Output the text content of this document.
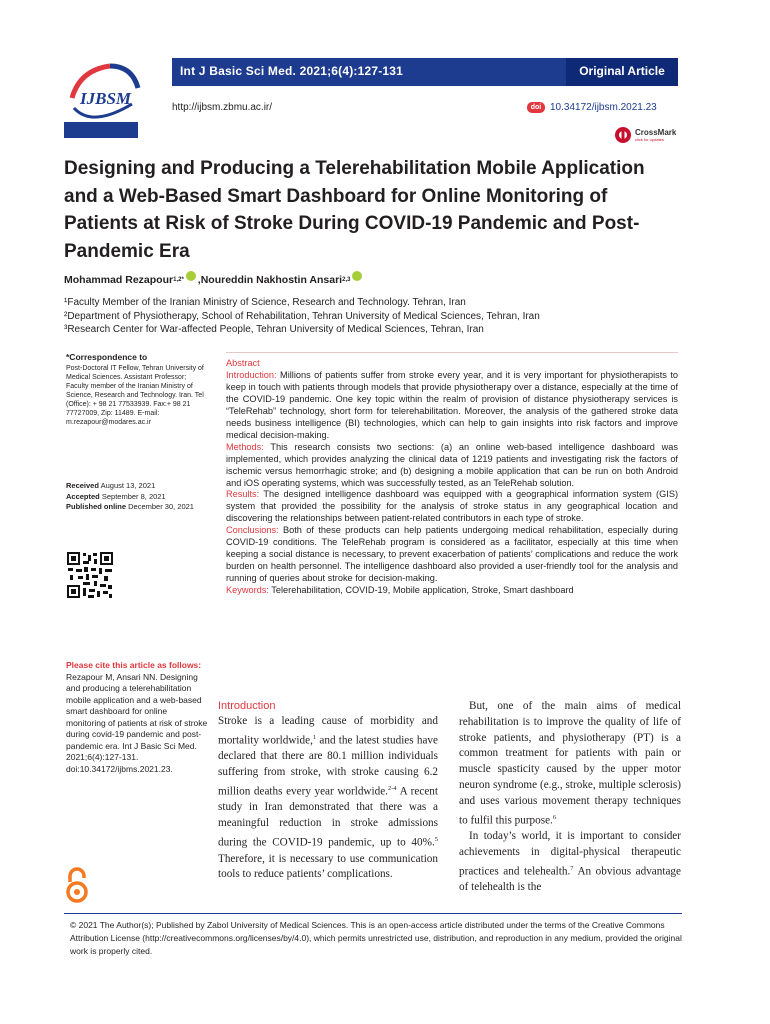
IJBSM
Int J Basic Sci Med. 2021;6(4):127-131	Original Article
http://ijbsm.zbmu.ac.ir/	doi 10.34172/ijbsm.2021.23
CrossMark
click for updates
Designing and Producing a Telerehabilitation Mobile Application and a Web-Based Smart Dashboard for Online Monitoring of Patients at Risk of Stroke During COVID-19 Pandemic and Post-Pandemic Era
Mohammad Rezapour 1,2* , Noureddin Nakhostin Ansari 2,3
¹Faculty Member of the Iranian Ministry of Science, Research and Technology. Tehran, Iran
²Department of Physiotherapy, School of Rehabilitation, Tehran University of Medical Sciences, Tehran, Iran
³Research Center for War-affected People, Tehran University of Medical Sciences, Tehran, Iran
*Correspondence to
Post-Doctoral IT Fellow, Tehran University of Medical Sciences. Assistant Professor; Faculty member of the Iranian Ministry of Science, Research and Technology. Iran. Tel (Office): + 98 21 77533939. Fax:+ 98 21 77727009, Zip: 11489. E-mail: m.rezapour@modares.ac.ir
Received August 13, 2021
Accepted September 8, 2021
Published online December 30, 2021
Please cite this article as follows: Rezapour M, Ansari NN. Designing and producing a telerehabilitation mobile application and a web-based smart dashboard for online monitoring of patients at risk of stroke during covid-19 pandemic and post-pandemic era. Int J Basic Sci Med. 2021;6(4):127-131. doi:10.34172/ijbms.2021.23.
Abstract
Introduction: Millions of patients suffer from stroke every year, and it is very important for physiotherapists to keep in touch with patients through models that provide physiotherapy over a distance, especially at the time of the COVID-19 pandemic. One key topic within the realm of provision of distance physiotherapy services is “TeleRehab” technology, short form for telerehabilitation. Moreover, the analysis of the gathered stroke data needs business intelligence (BI) technologies, which can help to gain insights into risk factors and improve medical decision-making.
Methods: This research consists two sections: (a) an online web-based intelligence dashboard was implemented, which provides analyzing the clinical data of 1219 patients and investigating risk the factors of ischemic versus hemorrhagic stroke; and (b) designing a mobile application that can be run on both Android and iOS operating systems, which was successfully tested, as an TeleRehab solution.
Results: The designed intelligence dashboard was equipped with a geographical information system (GIS) system that provided the possibility for the analysis of stroke status in any geographical location and discovering the relationships between patient-related contributors in each type of stroke.
Conclusions: Both of these products can help patients undergoing medical rehabilitation, especially during COVID-19 conditions. The TeleRehab program is considered as a facilitator, especially at this time when keeping a social distance is necessary, to prevent exacerbation of patients’ complications and reduce the work burden on health personnel. The intelligence dashboard also provided a user-friendly tool for the analysis and running of queries about stroke for decision-making.
Keywords: Telerehabilitation, COVID-19, Mobile application, Stroke, Smart dashboard
Introduction
Stroke is a leading cause of morbidity and mortality worldwide,$^1$ and the latest studies have declared that there are 80.1 million individuals suffering from stroke, with stroke causing 6.2 million deaths every year worldwide.$^{2-4}$ A recent study in Iran demonstrated that there was a meaningful reduction in stroke admissions during the COVID-19 pandemic, up to 40%.$^5$ Therefore, it is necessary to use communication tools to reduce patients’ complications.

But, one of the main aims of medical rehabilitation is to improve the quality of life of stroke patients, and physiotherapy (PT) is a common treatment for patients with pain or muscle spasticity caused by the upper motor neuron syndrome (e.g., stroke, multiple sclerosis) and uses various movement therapy techniques to fulfil this purpose.$^6$

In today’s world, it is important to consider achievements in digital-physical therapeutic practices and telehealth.$^7$ An obvious advantage of telehealth is the

© 2021 The Author(s); Published by Zabol University of Medical Sciences. This is an open-access article distributed under the terms of the Creative Commons Attribution License (http://creativecommons.org/licenses/by/4.0), which permits unrestricted use, distribution, and reproduction in any medium, provided the original work is properly cited.
